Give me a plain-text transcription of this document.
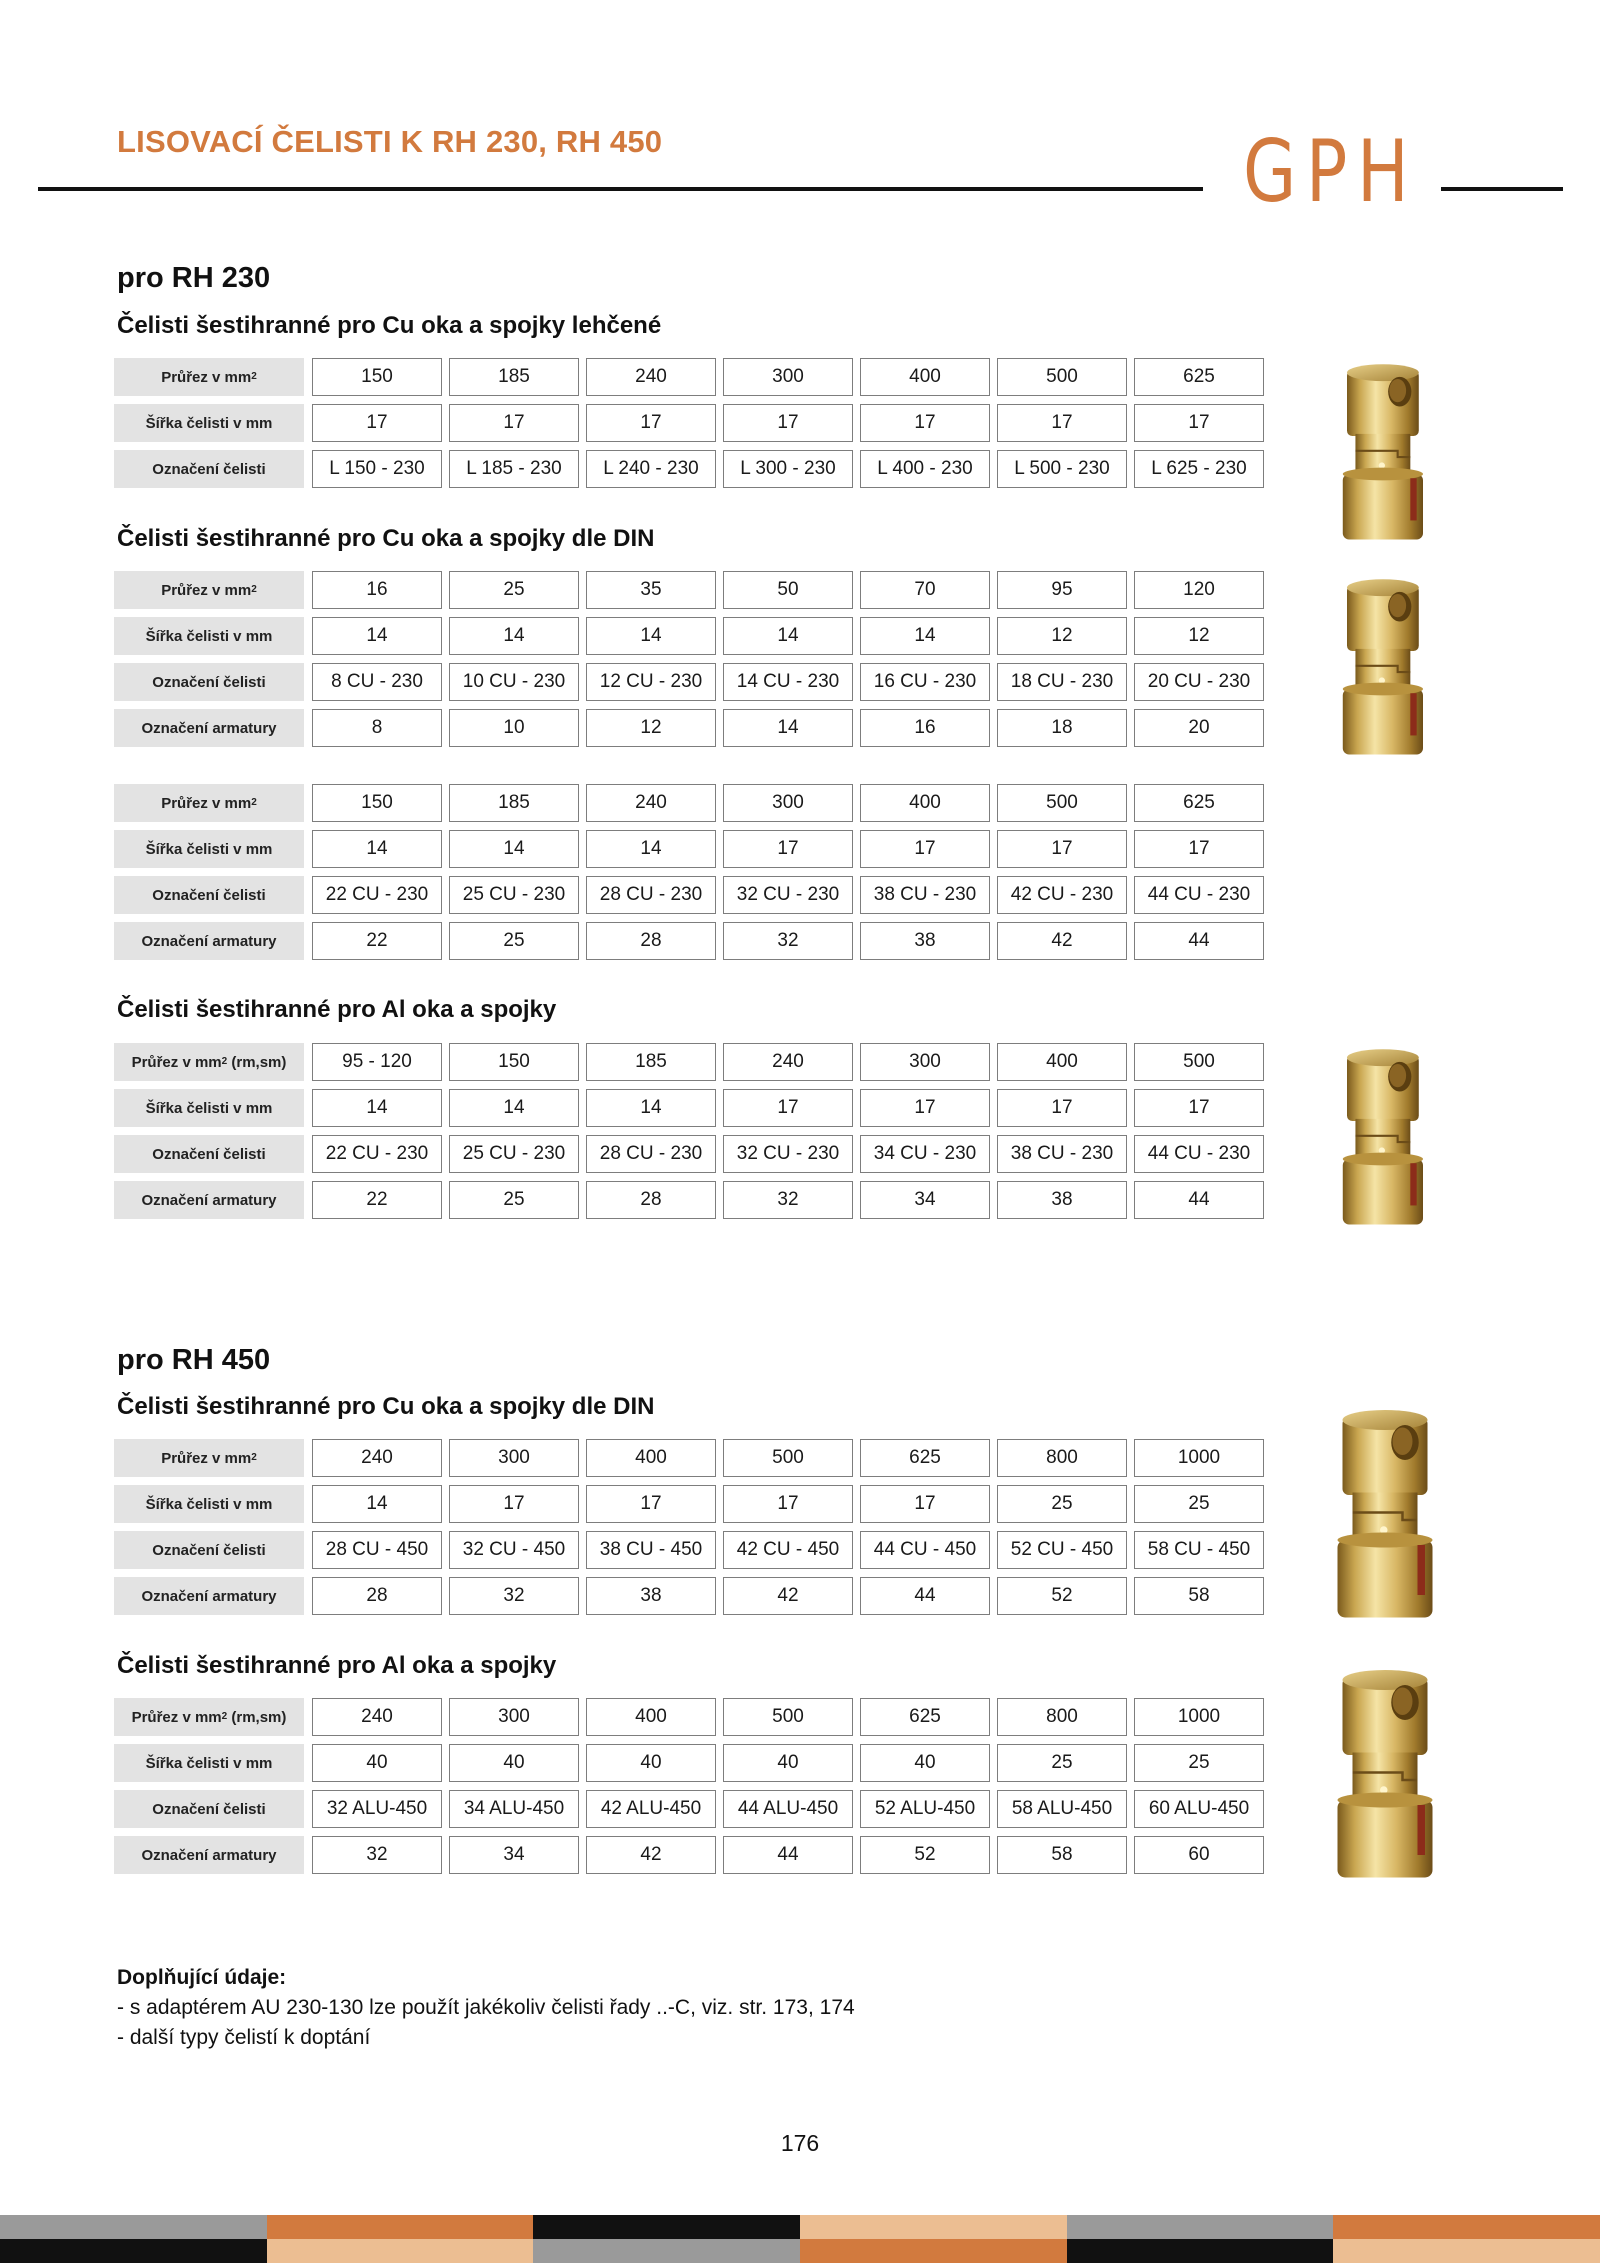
LISOVACÍ ČELISTI K RH 230, RH 450	GPH
pro RH 230
Čelisti šestihranné pro Cu oka a spojky lehčené
Průřez v mm 2	150	185	240	300	400	500	625
Šířka čelisti v mm	17	17	17	17	17	17	17
Označení čelisti	L 150 - 230	L 185 - 230	L 240 - 230	L 300 - 230	L 400 - 230	L 500 - 230	L 625 - 230
Čelisti šestihranné pro Cu oka a spojky dle DIN
Průřez v mm 2	16	25	35	50	70	95	120
Šířka čelisti v mm	14	14	14	14	14	12	12
Označení čelisti	8 CU - 230	10 CU - 230	12 CU - 230	14 CU - 230	16 CU - 230	18 CU - 230	20 CU - 230
Označení armatury	8	10	12	14	16	18	20
Průřez v mm 2	150	185	240	300	400	500	625
Šířka čelisti v mm	14	14	14	17	17	17	17
Označení čelisti	22 CU - 230	25 CU - 230	28 CU - 230	32 CU - 230	38 CU - 230	42 CU - 230	44 CU - 230
Označení armatury	22	25	28	32	38	42	44
Čelisti šestihranné pro Al oka a spojky
Průřez v mm 2
(rm,sm)	95 - 120	150	185	240	300	400	500
Šířka čelisti v mm	14	14	14	17	17	17	17
Označení čelisti	22 CU - 230	25 CU - 230	28 CU - 230	32 CU - 230	34 CU - 230	38 CU - 230	44 CU - 230
Označení armatury	22	25	28	32	34	38	44
pro RH 450
Čelisti šestihranné pro Cu oka a spojky dle DIN
Průřez v mm 2	240	300	400	500	625	800	1000
Šířka čelisti v mm	14	17	17	17	17	25	25
Označení čelisti	28 CU - 450	32 CU - 450	38 CU - 450	42 CU - 450	44 CU - 450	52 CU - 450	58 CU - 450
Označení armatury	28	32	38	42	44	52	58
Čelisti šestihranné pro Al oka a spojky
Průřez v mm 2
(rm,sm)	240	300	400	500	625	800	1000
Šířka čelisti v mm	40	40	40	40	40	25	25
Označení čelisti	32 ALU-450	34 ALU-450	42 ALU-450	44 ALU-450	52 ALU-450	58 ALU-450	60 ALU-450
Označení armatury	32	34	42	44	52	58	60
Doplňující údaje:
- s adaptérem AU 230-130 lze použít jakékoliv čelisti řady ..-C, viz. str. 173, 174
- další typy čelistí k doptání
176
